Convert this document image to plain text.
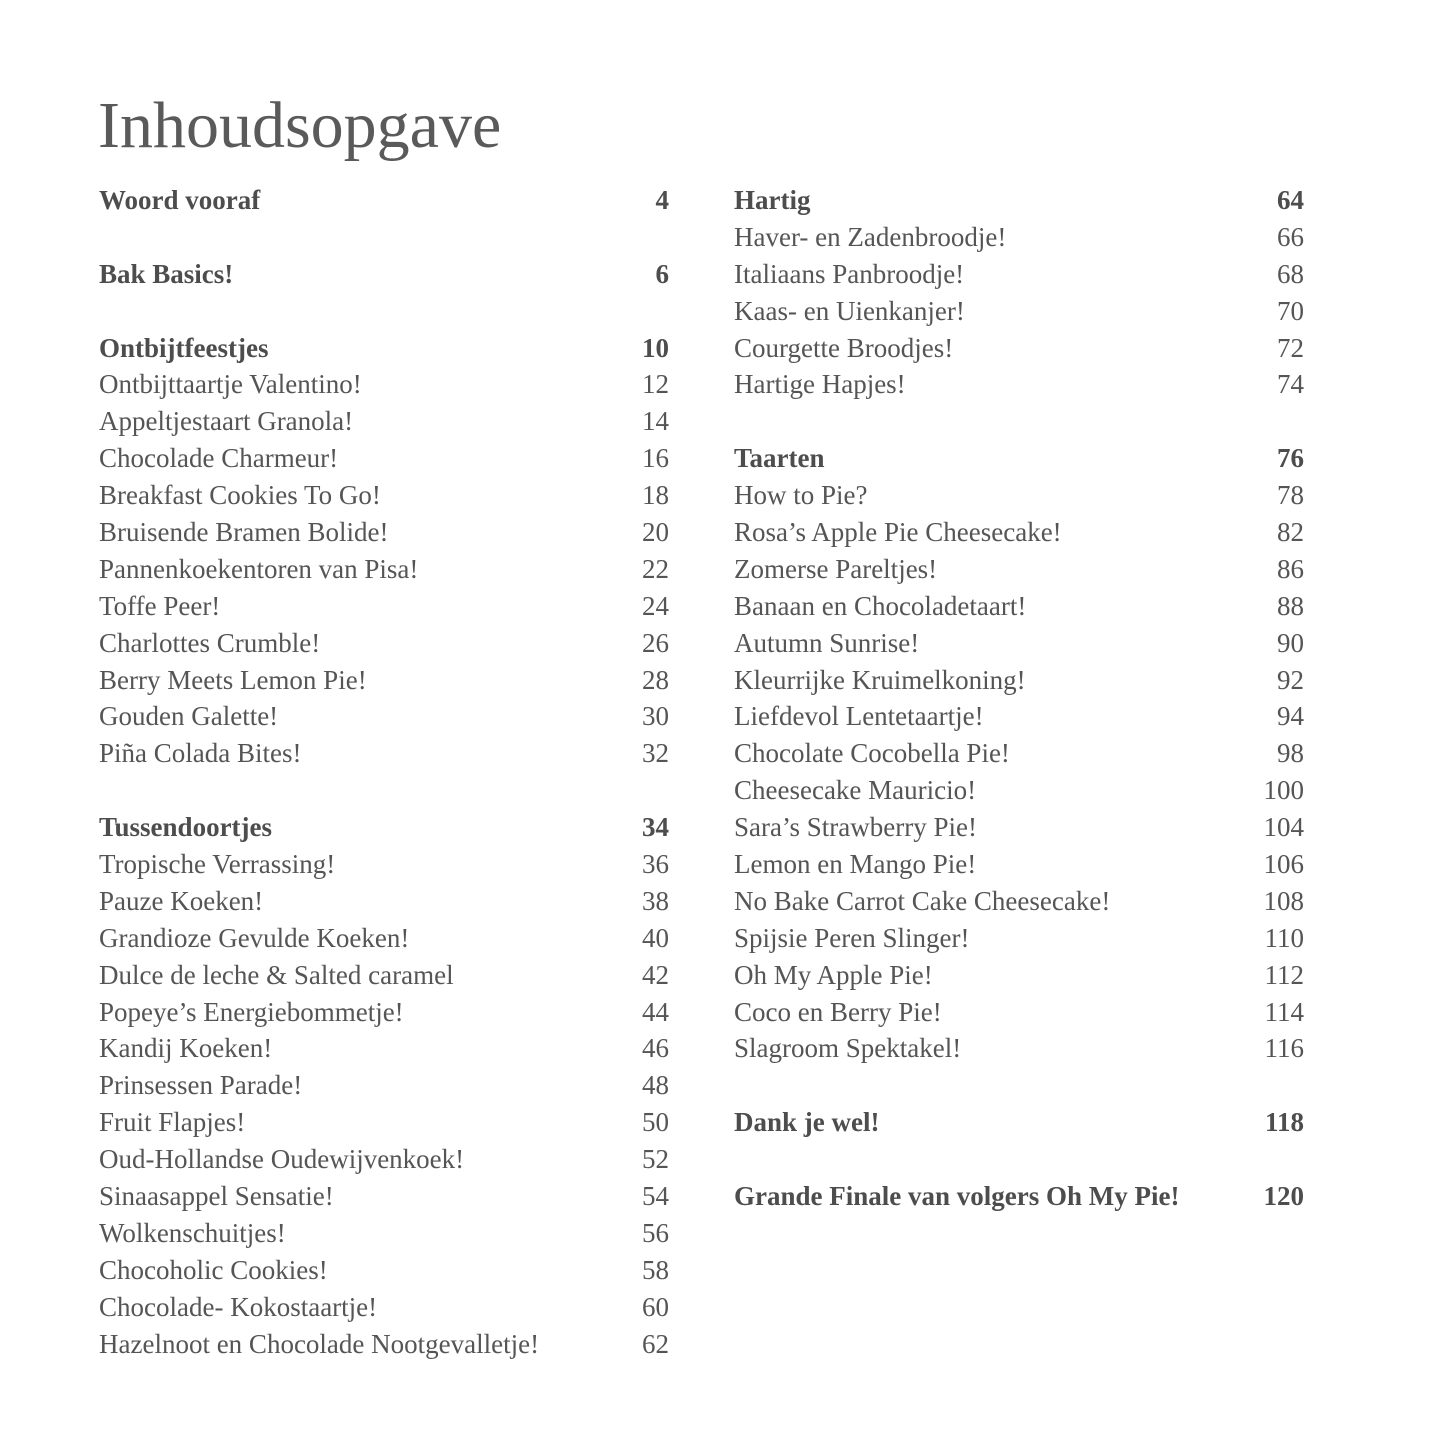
Inhoudsopgave
Woord vooraf	4
Bak Basics!	6
Ontbijtfeestjes	10
Ontbijttaartje Valentino!	12
Appeltjestaart Granola!	14
Chocolade Charmeur!	16
Breakfast Cookies To Go!	18
Bruisende Bramen Bolide!	20
Pannenkoekentoren van Pisa!	22
Toffe Peer!	24
Charlottes Crumble!	26
Berry Meets Lemon Pie!	28
Gouden Galette!	30
Piña Colada Bites!	32
Tussendoortjes	34
Tropische Verrassing!	36
Pauze Koeken!	38
Grandioze Gevulde Koeken!	40
Dulce de leche & Salted caramel	42
Popeye’s Energiebommetje!	44
Kandij Koeken!	46
Prinsessen Parade!	48
Fruit Flapjes!	50
Oud-Hollandse Oudewijvenkoek!	52
Sinaasappel Sensatie!	54
Wolkenschuitjes!	56
Chocoholic Cookies!	58
Chocolade- Kokostaartje!	60
Hazelnoot en Chocolade Nootgevalletje!	62
Hartig	64
Haver- en Zadenbroodje!	66
Italiaans Panbroodje!	68
Kaas- en Uienkanjer!	70
Courgette Broodjes!	72
Hartige Hapjes!	74
Taarten	76
How to Pie?	78
Rosa’s Apple Pie Cheesecake!	82
Zomerse Pareltjes!	86
Banaan en Chocoladetaart!	88
Autumn Sunrise!	90
Kleurrijke Kruimelkoning!	92
Liefdevol Lentetaartje!	94
Chocolate Cocobella Pie!	98
Cheesecake Mauricio!	100
Sara’s Strawberry Pie!	104
Lemon en Mango Pie!	106
No Bake Carrot Cake Cheesecake!	108
Spijsie Peren Slinger!	110
Oh My Apple Pie!	112
Coco en Berry Pie!	114
Slagroom Spektakel!	116
Dank je wel!	118
Grande Finale van volgers Oh My Pie!	120
